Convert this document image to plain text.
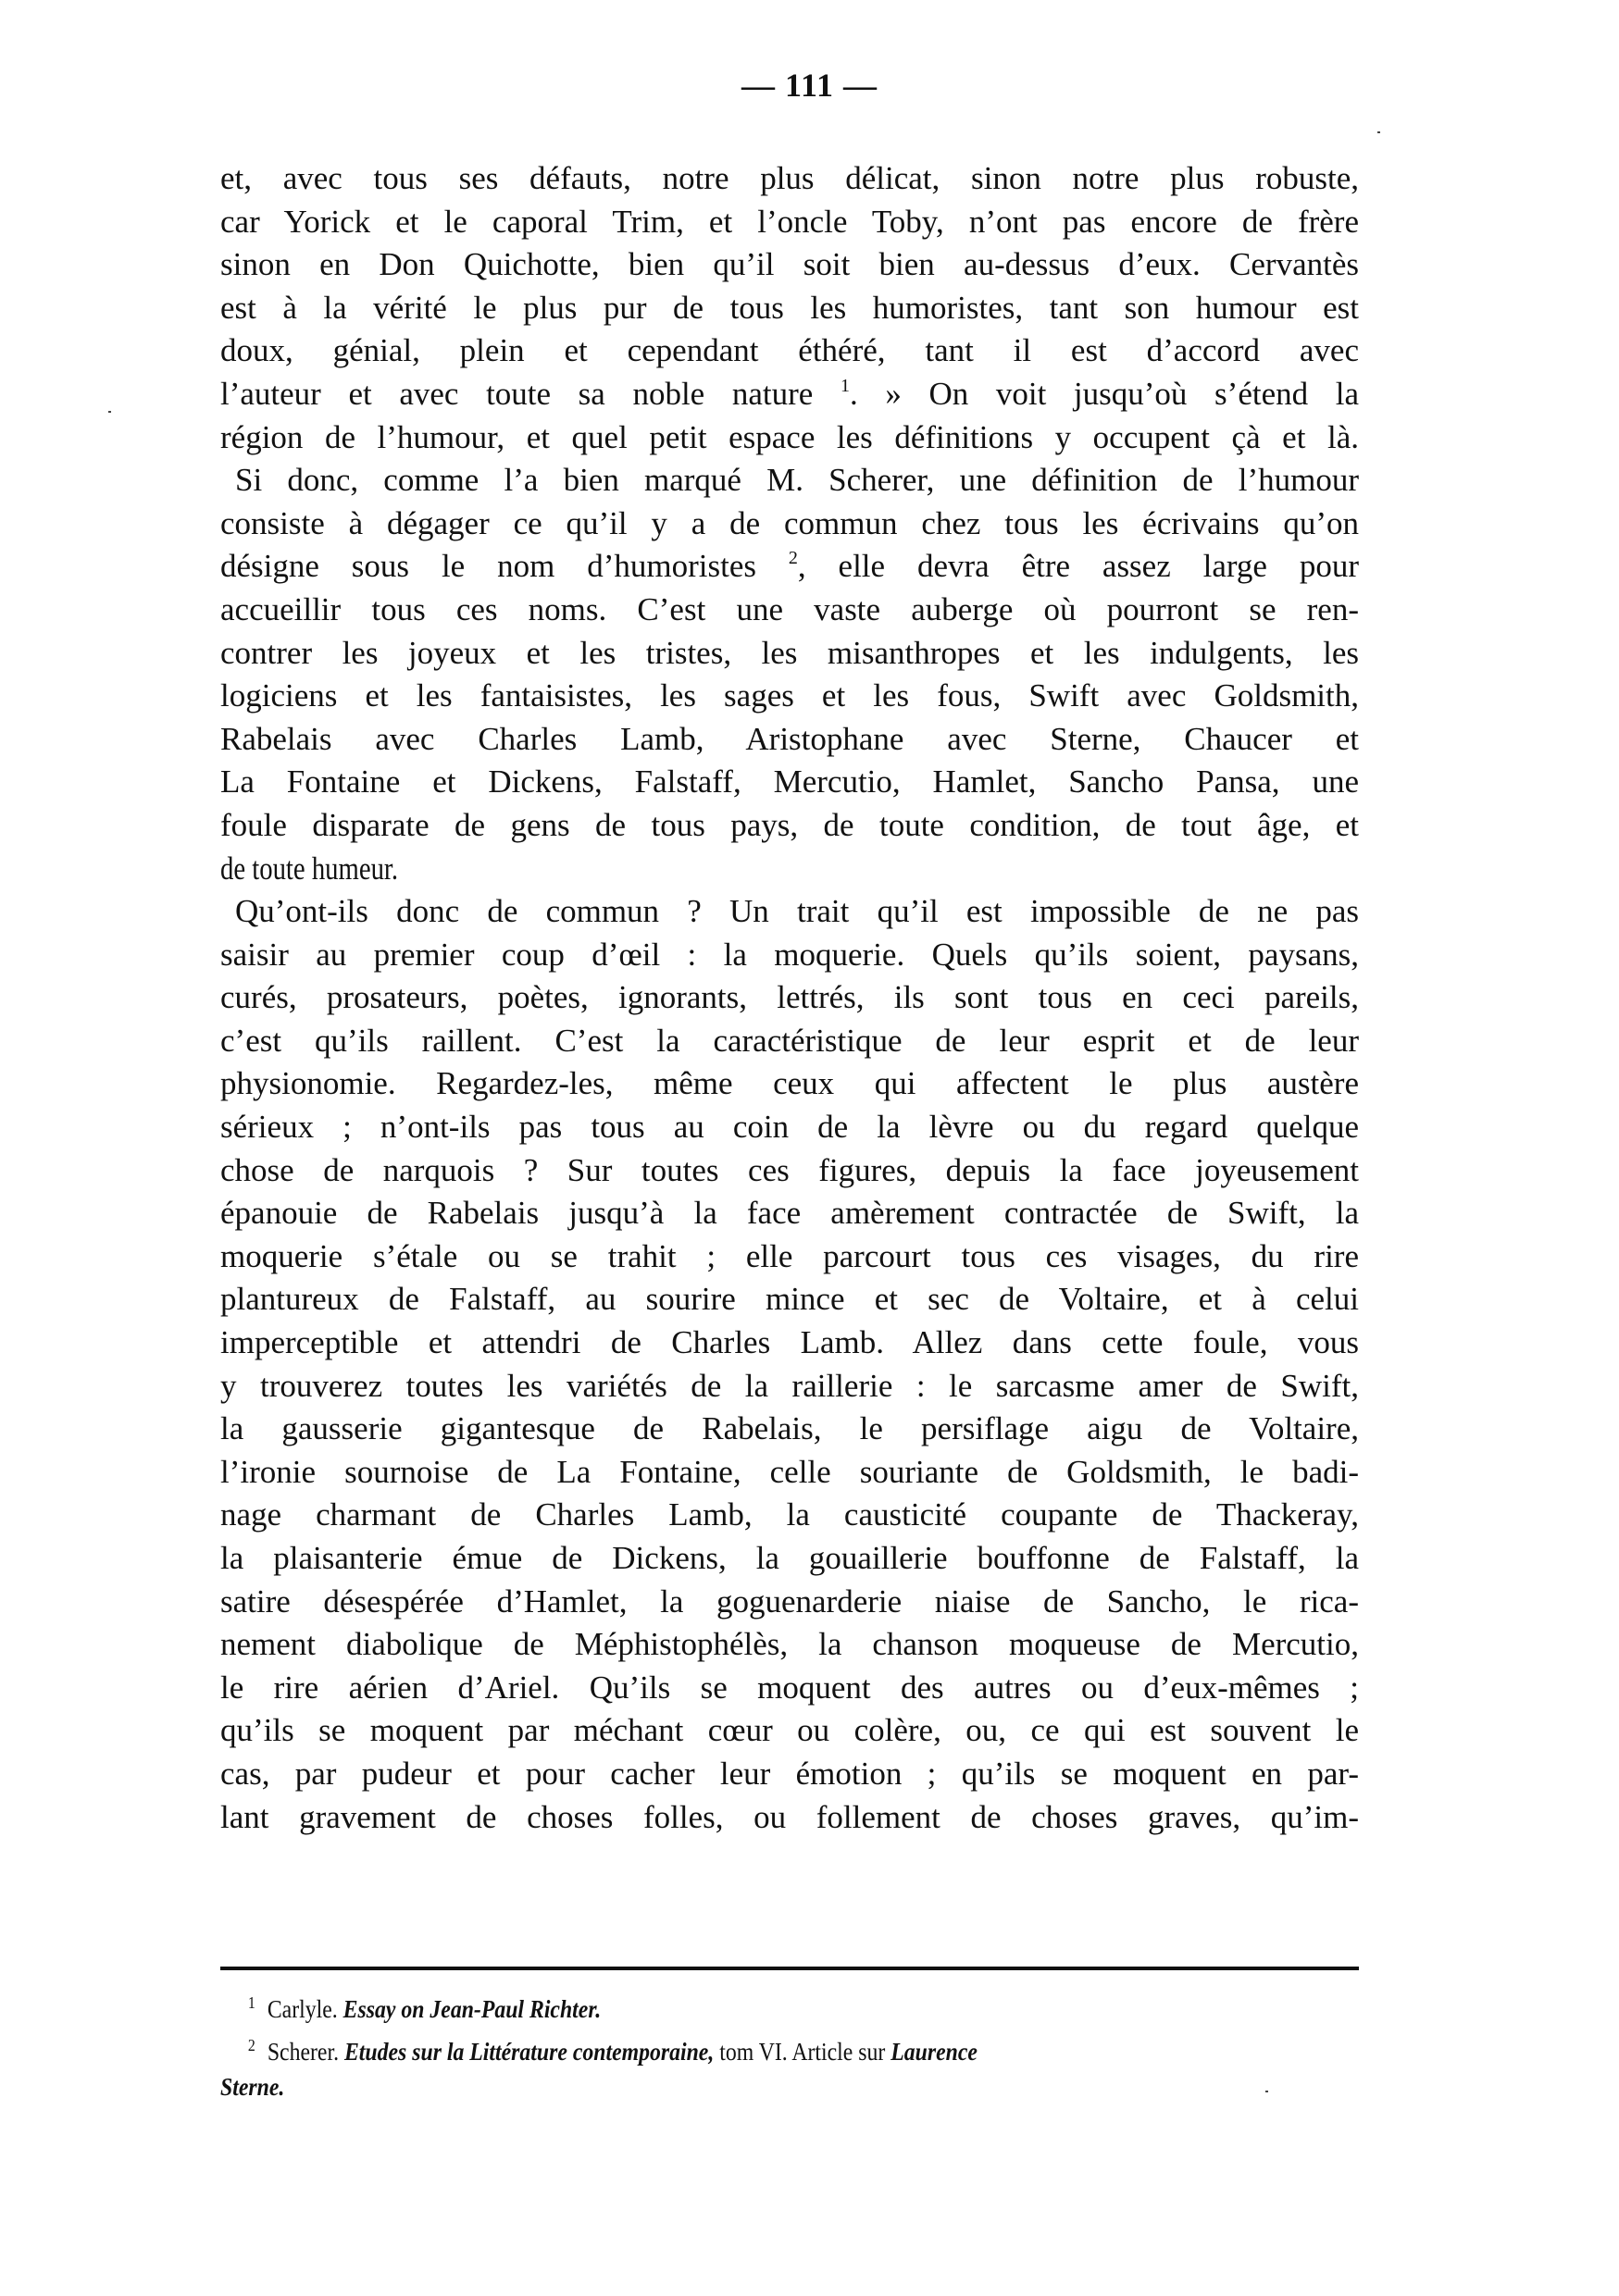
— 111 —
et, avec tous ses défauts, notre plus délicat, sinon notre plus robuste,
car Yorick et le caporal Trim, et l’oncle Toby, n’ont pas encore de frère
sinon en Don Quichotte, bien qu’il soit bien au-dessus d’eux. Cervantès
est à la vérité le plus pur de tous les humoristes, tant son humour est
doux, génial, plein et cependant éthéré, tant il est d’accord avec
l’auteur et avec toute sa noble nature $^1$. » On voit jusqu’où s’étend la
région de l’humour, et quel petit espace les définitions y occupent çà et là.
Si donc, comme l’a bien marqué M. Scherer, une définition de l’humour
consiste à dégager ce qu’il y a de commun chez tous les écrivains qu’on
désigne sous le nom d’humoristes $^2$, elle devra être assez large pour
accueillir tous ces noms. C’est une vaste auberge où pourront se ren-
contrer les joyeux et les tristes, les misanthropes et les indulgents, les
logiciens et les fantaisistes, les sages et les fous, Swift avec Goldsmith,
Rabelais avec Charles Lamb, Aristophane avec Sterne, Chaucer et
La Fontaine et Dickens, Falstaff, Mercutio, Hamlet, Sancho Pansa, une
foule disparate de gens de tous pays, de toute condition, de tout âge, et
de toute humeur.
Qu’ont-ils donc de commun ? Un trait qu’il est impossible de ne pas
saisir au premier coup d’œil : la moquerie. Quels qu’ils soient, paysans,
curés, prosateurs, poètes, ignorants, lettrés, ils sont tous en ceci pareils,
c’est qu’ils raillent. C’est la caractéristique de leur esprit et de leur
physionomie. Regardez-les, même ceux qui affectent le plus austère
sérieux ; n’ont-ils pas tous au coin de la lèvre ou du regard quelque
chose de narquois ? Sur toutes ces figures, depuis la face joyeusement
épanouie de Rabelais jusqu’à la face amèrement contractée de Swift, la
moquerie s’étale ou se trahit ; elle parcourt tous ces visages, du rire
plantureux de Falstaff, au sourire mince et sec de Voltaire, et à celui
imperceptible et attendri de Charles Lamb. Allez dans cette foule, vous
y trouverez toutes les variétés de la raillerie : le sarcasme amer de Swift,
la gausserie gigantesque de Rabelais, le persiflage aigu de Voltaire,
l’ironie sournoise de La Fontaine, celle souriante de Goldsmith, le badi-
nage charmant de Charles Lamb, la causticité coupante de Thackeray,
la plaisanterie émue de Dickens, la gouaillerie bouffonne de Falstaff, la
satire désespérée d’Hamlet, la goguenarderie niaise de Sancho, le rica-
nement diabolique de Méphistophélès, la chanson moqueuse de Mercutio,
le rire aérien d’Ariel. Qu’ils se moquent des autres ou d’eux-mêmes ;
qu’ils se moquent par méchant cœur ou colère, ou, ce qui est souvent le
cas, par pudeur et pour cacher leur émotion ; qu’ils se moquent en par-
lant gravement de choses folles, ou follement de choses graves, qu’im-
$^1$ Carlyle. Essay on Jean-Paul Richter.
$^2$ Scherer. Etudes sur la Littérature contemporaine, tom VI. Article sur Laurence
Sterne.
